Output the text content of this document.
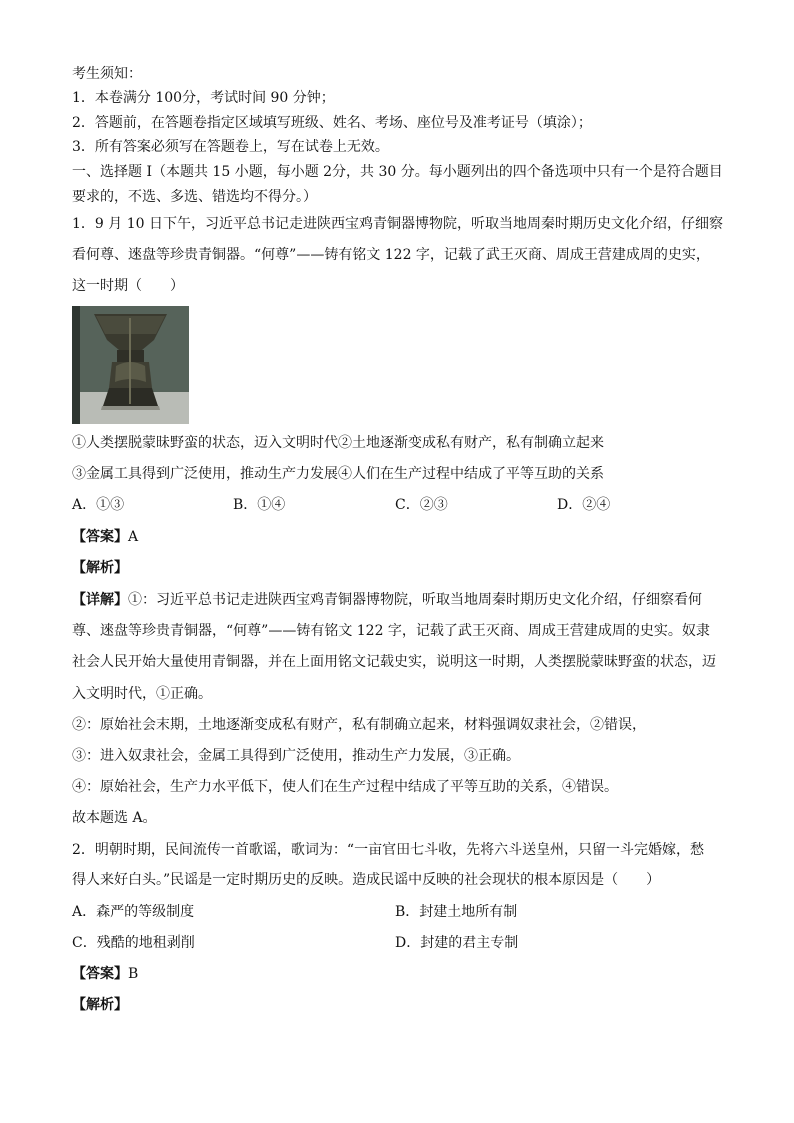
考生须知：
1．本卷满分 100分，考试时间 90 分钟；
2．答题前，在答题卷指定区域填写班级、姓名、考场、座位号及准考证号（填涂）；
3．所有答案必须写在答题卷上，写在试卷上无效。
一、选择题 I（本题共 15 小题，每小题 2分，共 30 分。每小题列出的四个备选项中只有一个是符合题目
要求的，不选、多选、错选均不得分。）
1．9 月 10 日下午，习近平总书记走进陕西宝鸡青铜器博物院，听取当地周秦时期历史文化介绍，仔细察
看何尊、逨盘等珍贵青铜器。“何尊”——铸有铭文 122 字，记载了武王灭商、周成王营建成周的史实，
这一时期（　　）
①人类摆脱蒙昧野蛮的状态，迈入文明时代②土地逐渐变成私有财产，私有制确立起来
③金属工具得到广泛使用，推动生产力发展④人们在生产过程中结成了平等互助的关系
A．①③	B．①④	C．②③	D．②④
【答案】A
【解析】
【详解】①：习近平总书记走进陕西宝鸡青铜器博物院，听取当地周秦时期历史文化介绍，仔细察看何
尊、逨盘等珍贵青铜器，“何尊”——铸有铭文 122 字，记载了武王灭商、周成王营建成周的史实。奴隶
社会人民开始大量使用青铜器，并在上面用铭文记载史实，说明这一时期，人类摆脱蒙昧野蛮的状态，迈
入文明时代，①正确。
②：原始社会末期，土地逐渐变成私有财产，私有制确立起来，材料强调奴隶社会，②错误，
③：进入奴隶社会，金属工具得到广泛使用，推动生产力发展，③正确。
④：原始社会，生产力水平低下，使人们在生产过程中结成了平等互助的关系，④错误。
故本题选 A。
2．明朝时期，民间流传一首歌谣，歌词为：“一亩官田七斗收，先将六斗送皇州，只留一斗完婚嫁，愁
得人来好白头。”民谣是一定时期历史的反映。造成民谣中反映的社会现状的根本原因是（　　）
A．森严的等级制度	B．封建土地所有制
C．残酷的地租剥削	D．封建的君主专制
【答案】B
【解析】
